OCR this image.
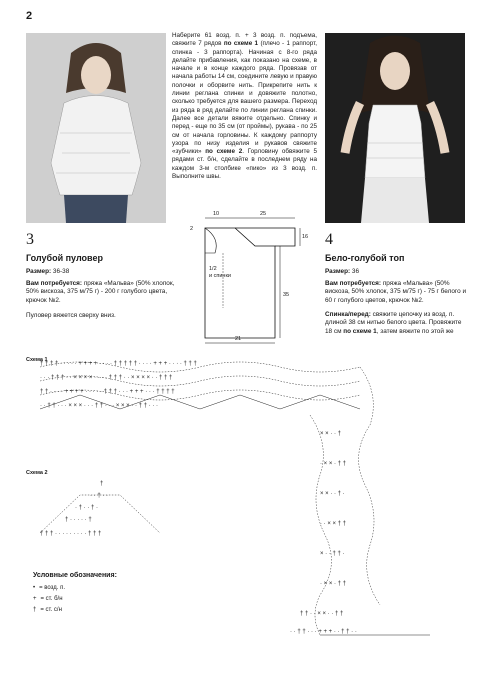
2
Наберите 61 возд. п. + 3 возд. п. подъема, свяжите 7 рядов по схеме 1 (плечо - 1 раппорт, спинка - 3 раппорта). Начиная с 8-го ряда делайте прибавления, как показано на схеме, в начале и в конце каждого ряда. Провязав от начала работы 14 см, соедините левую и правую полочки и оборвите нить. Прикрепите нить к линии реглана спинки и довяжите полотно, сколько требуется для вашего размера. Переход из ряда в ряд делайте по линии реглана спинки. Далее все детали вяжите отдельно. Спинку и перед - еще по 35 см (от проймы), рукава - по 25 см от начала горловины. К каждому раппорту узора по низу изделия и рукавов свяжите «зубчики» по схеме 2. Горловину обвяжите 5 рядами ст. б/н, сделайте в последнем ряду на каждом 3-м столбике «пико» из 3 возд. п. Выполните швы.
10	25
2
16
35
21
1/2
и спинки
3
Голубой пуловер
Размер: 36-38
Вам потребуется: пряжа «Мальва» (50% хлопок, 50% вискоза, 375 м/75 г) - 200 г голубого цвета, крючок №2.
Пуловер вяжется сверху вниз.
4
Бело-голубой топ
Размер: 36
Вам потребуется: пряжа «Мальва» (50% вискоза, 50% хлопок, 375 м/75 г) - 75 г белого и 60 г голубого цветов, крючок №2.
Спинка/перед: свяжите цепочку из возд. п. длиной 38 см нитью белого цвета. Провяжите 18 см по схеме 1, затем вяжите по этой же
Схема 1
Схема 2
† † † † · · · · · + + + + · · · · † † † † † · · · · + + + · · · · † † †
· · · † † † · · × × × × · · · · † † † · · × × × × · · † † †
† † · · · · + + + + · · · · · † † † · · · + + + · · · † † † †
· · † † · · · × × × · · · † † · · · × × × · · † † · · ·
× × · · †
· × × · † †
× × · · † ·
· · × × † †
× · · † † ·
· × × · † †
† † · · × × · · † †
· · † † · · · + + + · · † † · ·
†
· · † · ·
· † · · † ·
† · · · · · †
† † † · · · · · · · · · † † †
Условные обозначения:
• = возд. п.
+ = ст. б/н
† = ст. с/н
